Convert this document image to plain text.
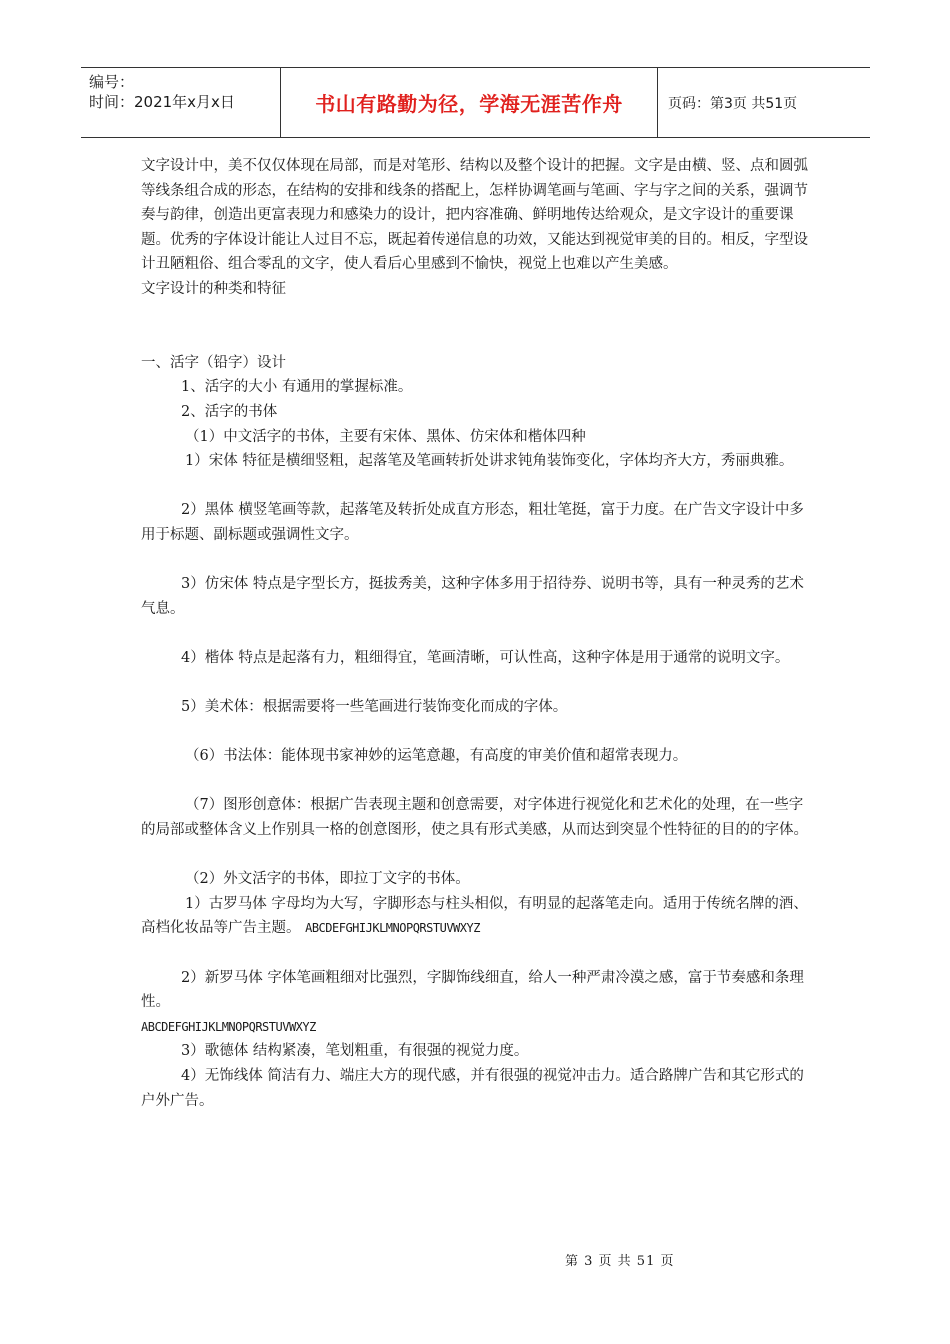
编号：
时间：2021年x月x日	书山有路勤为径，学海无涯苦作舟	页码：第3页 共51页

文字设计中，美不仅仅体现在局部，而是对笔形、结构以及整个设计的把握。文字是由横、竖、点和圆弧等线条组合成的形态，在结构的安排和线条的搭配上，怎样协调笔画与笔画、字与字之间的关系，强调节奏与韵律，创造出更富表现力和感染力的设计，把内容准确、鲜明地传达给观众，是文字设计的重要课题。优秀的字体设计能让人过目不忘，既起着传递信息的功效，又能达到视觉审美的目的。相反，字型设计丑陋粗俗、组合零乱的文字，使人看后心里感到不愉快，视觉上也难以产生美感。

文字设计的种类和特征

一、活字（铅字）设计

1、活字的大小 有通用的掌握标准。

2、活字的书体

（1）中文活字的书体，主要有宋体、黑体、仿宋体和楷体四种

1）宋体 特征是横细竖粗，起落笔及笔画转折处讲求钝角装饰变化，字体均齐大方，秀丽典雅。

2）黑体 横竖笔画等款，起落笔及转折处成直方形态，粗壮笔挺，富于力度。在广告文字设计中多用于标题、副标题或强调性文字。

3）仿宋体 特点是字型长方，挺拔秀美，这种字体多用于招待券、说明书等，具有一种灵秀的艺术气息。

4）楷体 特点是起落有力，粗细得宜，笔画清晰，可认性高，这种字体是用于通常的说明文字。

5）美术体：根据需要将一些笔画进行装饰变化而成的字体。

（6）书法体：能体现书家神妙的运笔意趣，有高度的审美价值和超常表现力。

（7）图形创意体：根据广告表现主题和创意需要，对字体进行视觉化和艺术化的处理，在一些字的局部或整体含义上作别具一格的创意图形，使之具有形式美感，从而达到突显个性特征的目的的字体。

（2）外文活字的书体，即拉丁文字的书体。

1）古罗马体 字母均为大写，字脚形态与柱头相似，有明显的起落笔走向。适用于传统名牌的酒、高档化妆品等广告主题。 ABCDEFGHIJKLMNOPQRSTUVWXYZ

2）新罗马体 字体笔画粗细对比强烈，字脚饰线细直，给人一种严肃冷漠之感，富于节奏感和条理性。

ABCDEFGHIJKLMNOPQRSTUVWXYZ

3）歌德体 结构紧凑，笔划粗重，有很强的视觉力度。

4）无饰线体 简洁有力、端庄大方的现代感，并有很强的视觉冲击力。适合路牌广告和其它形式的户外广告。

第 3 页 共 51 页
